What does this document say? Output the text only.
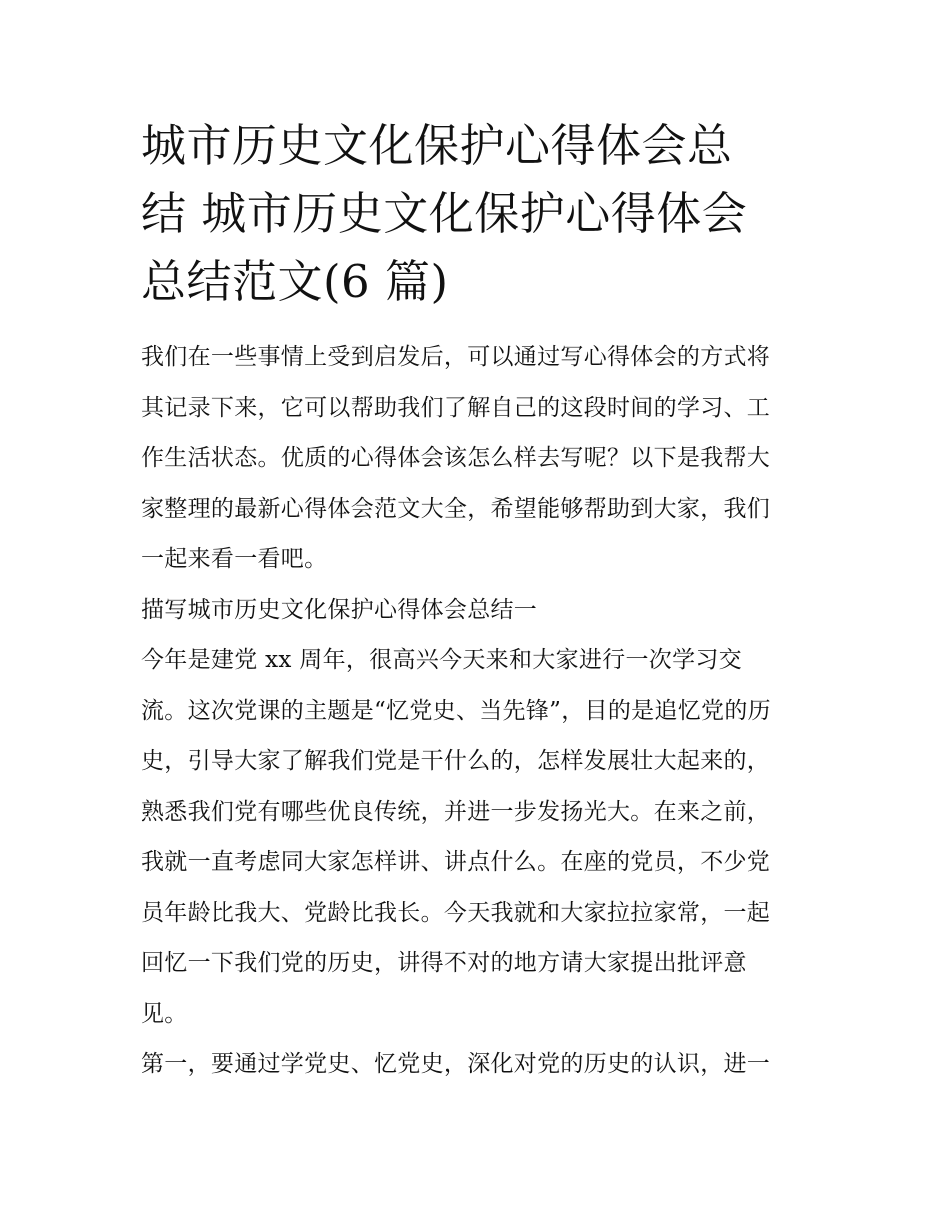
城市历史文化保护心得体会总
结 城市历史文化保护心得体会
总结范文(6 篇)

我们在一些事情上受到启发后，可以通过写心得体会的方式将
其记录下来，它可以帮助我们了解自己的这段时间的学习、工
作生活状态。优质的心得体会该怎么样去写呢？以下是我帮大
家整理的最新心得体会范文大全，希望能够帮助到大家，我们
一起来看一看吧。

描写城市历史文化保护心得体会总结一

今年是建党 xx 周年，很高兴今天来和大家进行一次学习交
流。这次党课的主题是“忆党史、当先锋”，目的是追忆党的历
史，引导大家了解我们党是干什么的，怎样发展壮大起来的，
熟悉我们党有哪些优良传统，并进一步发扬光大。在来之前，
我就一直考虑同大家怎样讲、讲点什么。在座的党员，不少党
员年龄比我大、党龄比我长。今天我就和大家拉拉家常，一起
回忆一下我们党的历史，讲得不对的地方请大家提出批评意
见。

第一，要通过学党史、忆党史，深化对党的历史的认识，进一
